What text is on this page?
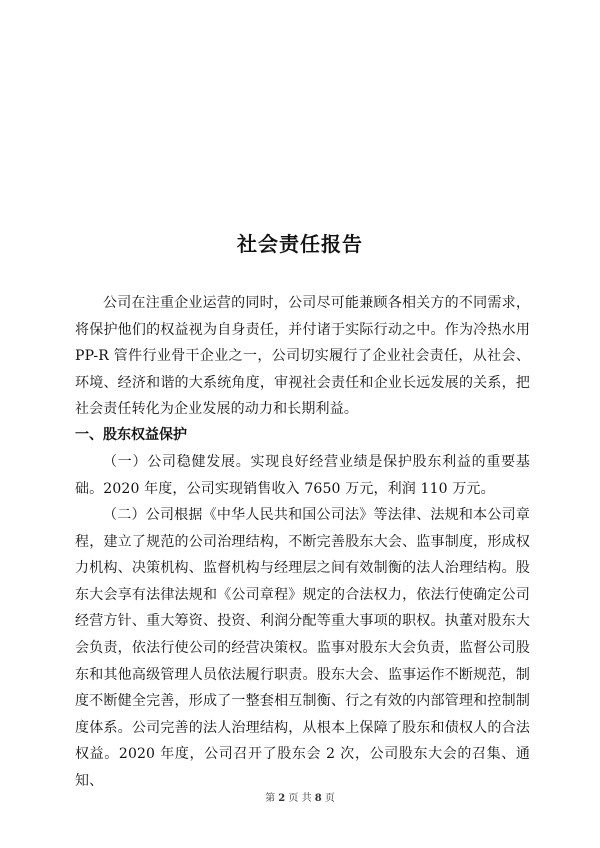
社会责任报告

公司在注重企业运营的同时，公司尽可能兼顾各相关方的不同需求，将保护他们的权益视为自身责任，并付诸于实际行动之中。作为冷热水用PP-R 管件行业骨干企业之一，公司切实履行了企业社会责任，从社会、环境、经济和谐的大系统角度，审视社会责任和企业长远发展的关系，把社会责任转化为企业发展的动力和长期利益。

一、股东权益保护

（一）公司稳健发展。实现良好经营业绩是保护股东利益的重要基础。2020 年度，公司实现销售收入 7650 万元，利润 110 万元。

（二）公司根据《中华人民共和国公司法》等法律、法规和本公司章程，建立了规范的公司治理结构，不断完善股东大会、监事制度，形成权力机构、决策机构、监督机构与经理层之间有效制衡的法人治理结构。股东大会享有法律法规和《公司章程》规定的合法权力，依法行使确定公司经营方针、重大筹资、投资、利润分配等重大事项的职权。执董对股东大会负责，依法行使公司的经营决策权。监事对股东大会负责，监督公司股东和其他高级管理人员依法履行职责。股东大会、监事运作不断规范，制度不断健全完善，形成了一整套相互制衡、行之有效的内部管理和控制制度体系。公司完善的法人治理结构，从根本上保障了股东和债权人的合法权益。2020 年度，公司召开了股东会 2 次，公司股东大会的召集、通知、

第 2 页 共 8 页
